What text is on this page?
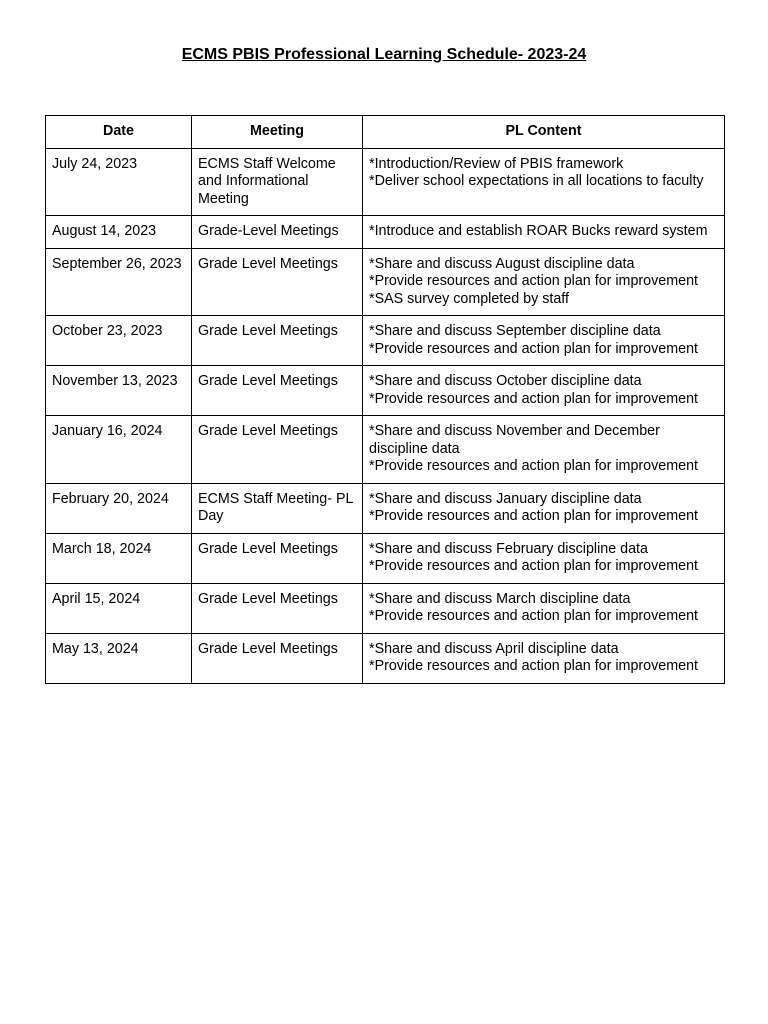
ECMS PBIS Professional Learning Schedule- 2023-24
Date	Meeting	PL Content
July 24, 2023	ECMS Staff Welcome and Informational Meeting	*Introduction/Review of PBIS framework
*Deliver school expectations in all locations to faculty

August 14, 2023	Grade-Level Meetings	*Introduce and establish ROAR Bucks reward system

September 26, 2023	Grade Level Meetings	*Share and discuss August discipline data
*Provide resources and action plan for improvement
*SAS survey completed by staff

October 23, 2023	Grade Level Meetings	*Share and discuss September discipline data
*Provide resources and action plan for improvement

November 13, 2023	Grade Level Meetings	*Share and discuss October discipline data
*Provide resources and action plan for improvement

January 16, 2024	Grade Level Meetings	*Share and discuss November and December discipline data
*Provide resources and action plan for improvement

February 20, 2024	ECMS Staff Meeting- PL Day	*Share and discuss January discipline data
*Provide resources and action plan for improvement

March 18, 2024	Grade Level Meetings	*Share and discuss February discipline data
*Provide resources and action plan for improvement

April 15, 2024	Grade Level Meetings	*Share and discuss March discipline data
*Provide resources and action plan for improvement

May 13, 2024	Grade Level Meetings	*Share and discuss April discipline data
*Provide resources and action plan for improvement
